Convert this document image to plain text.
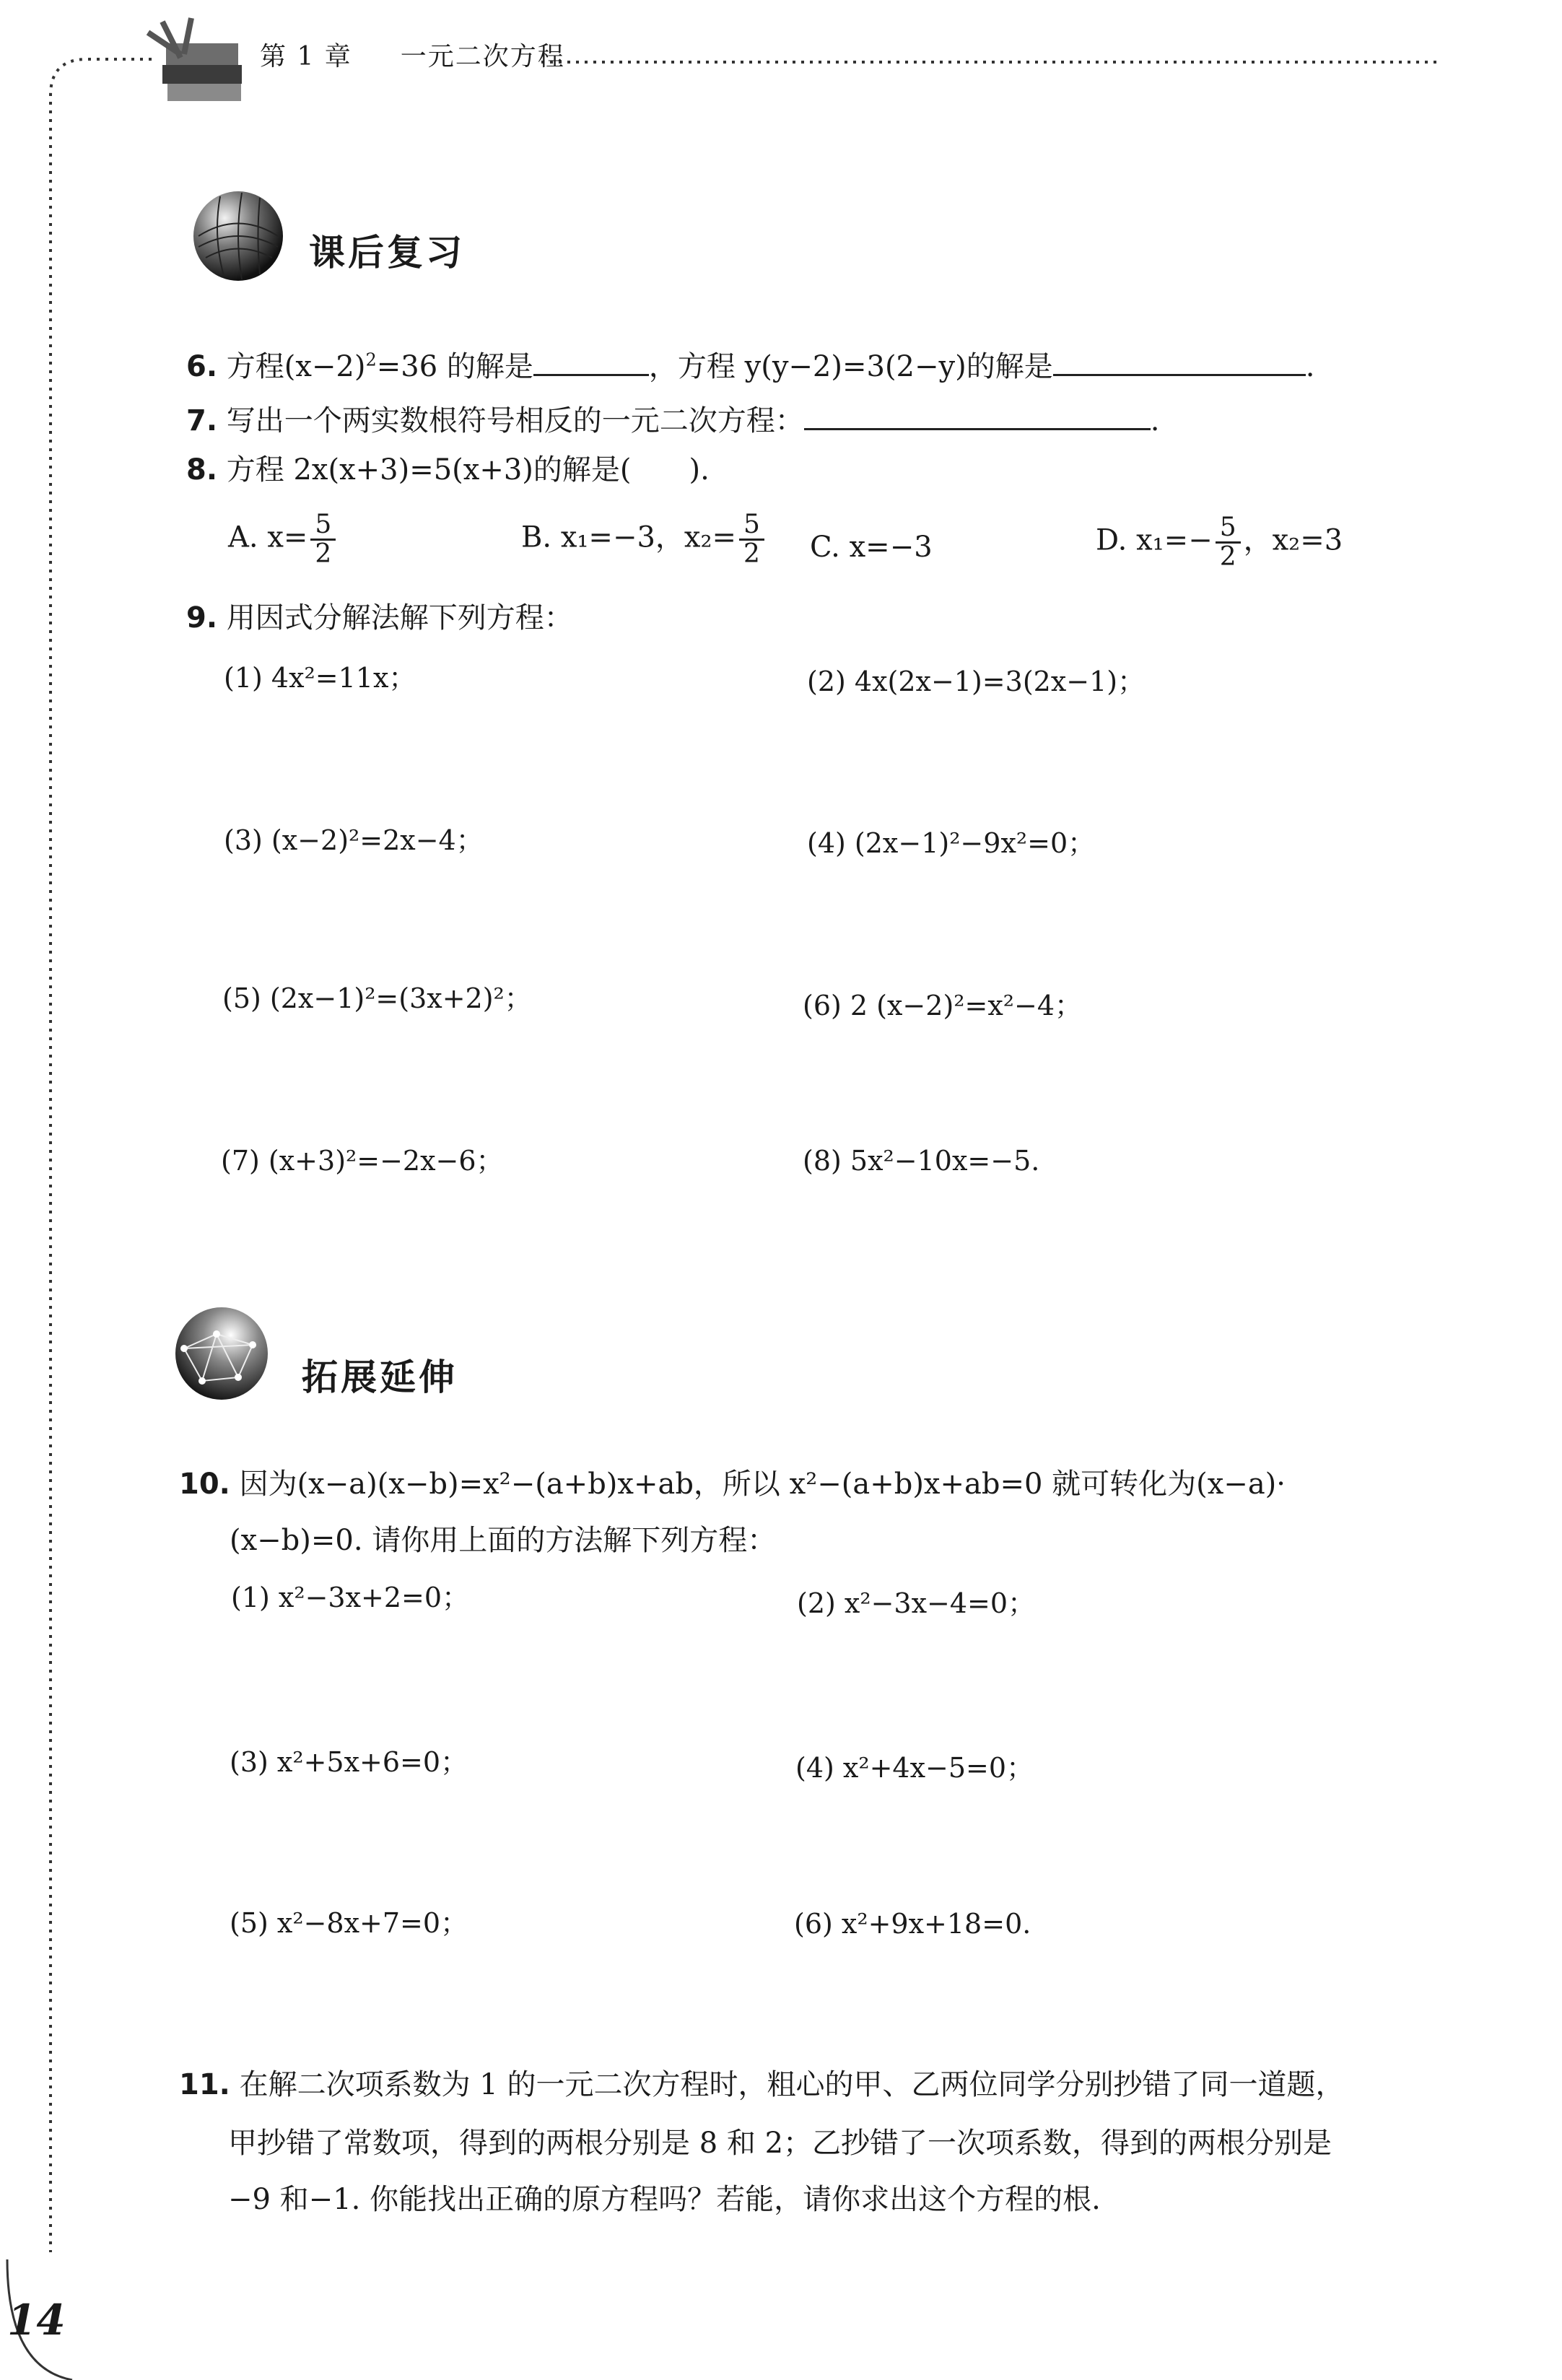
第 1 章 一元二次方程
课后复习
6. 方程$(x-2)^2=36$ 的解是	，方程 y(y−2)=3(2−y)的解是	.
7. 写出一个两实数根符号相反的一元二次方程：	.
8. 方程 2x(x+3)=5(x+3)的解是(　　).
A. $x= \frac{5}{2}$	B. x₁=−3，$x_2= \frac{5}{2} C$. x=−3	D. $x_1=- \frac{5}{2}$ ，x₂=3
9. 用因式分解法解下列方程：
(1) 4x²=11x；	(2) 4x(2x−1)=3(2x−1)；
(3) (x−2)²=2x−4；	(4) (2x−1)²−9x²=0；
(5) (2x−1)²=(3x+2)²；	(6) 2 (x−2)²=x²−4；
(7) (x+3)²=−2x−6；	(8) 5x²−10x=−5.
拓展延伸
10. 因为(x−a)(x−b)=x²−(a+b)x+ab，所以 x²−(a+b)x+ab=0 就可转化为(x−a)·
(x−b)=0. 请你用上面的方法解下列方程：
(1) x²−3x+2=0；	(2) x²−3x−4=0；
(3) x²+5x+6=0；	(4) x²+4x−5=0；
(5) x²−8x+7=0；	(6) x²+9x+18=0.
11. 在解二次项系数为 1 的一元二次方程时，粗心的甲、乙两位同学分别抄错了同一道题，
甲抄错了常数项，得到的两根分别是 8 和 2；乙抄错了一次项系数，得到的两根分别是
−9 和−1. 你能找出正确的原方程吗？若能，请你求出这个方程的根.
14
